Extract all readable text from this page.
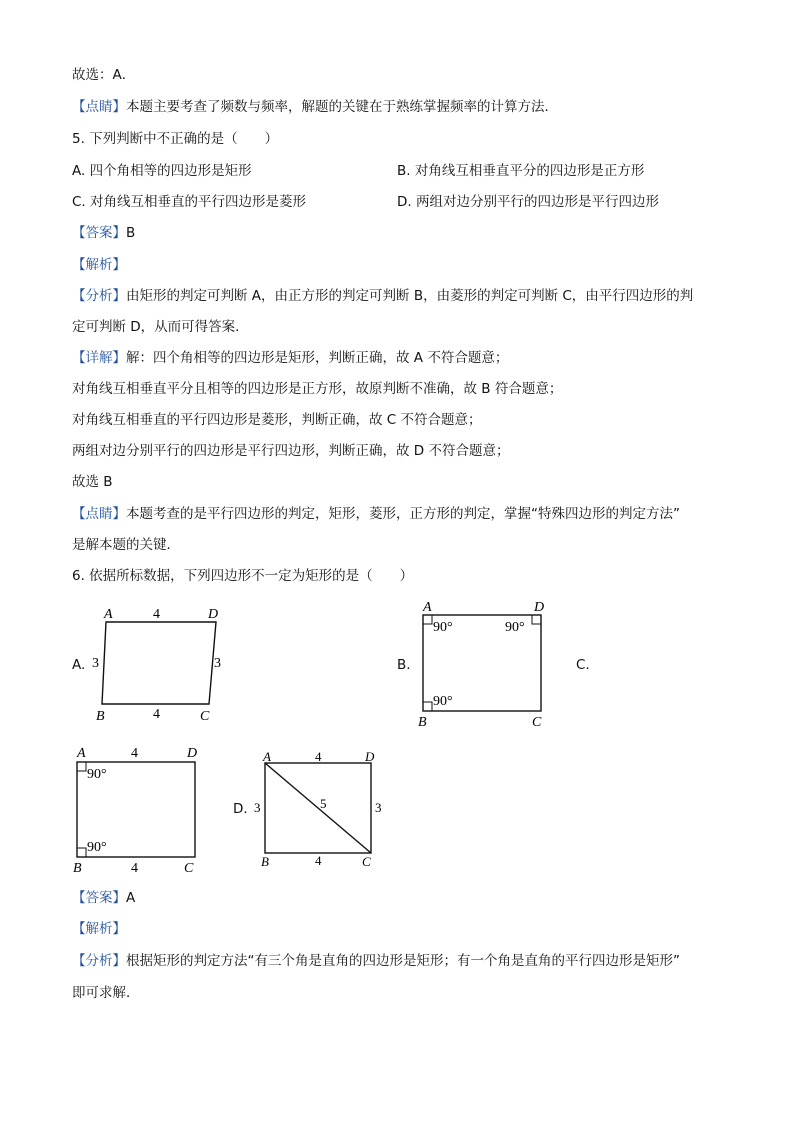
故选：A．
【点睛】本题主要考查了频数与频率，解题的关键在于熟练掌握频率的计算方法．
5. 下列判断中不正确的是（　　）
A. 四个角相等的四边形是矩形	B. 对角线互相垂直平分的四边形是正方形
C. 对角线互相垂直的平行四边形是菱形	D. 两组对边分别平行的四边形是平行四边形
【答案】B
【解析】
【分析】由矩形的判定可判断 A，由正方形的判定可判断 B，由菱形的判定可判断 C，由平行四边形的判
定可判断 D，从而可得答案．
【详解】解：四个角相等的四边形是矩形，判断正确，故 A 不符合题意；
对角线互相垂直平分且相等的四边形是正方形，故原判断不准确，故 B 符合题意；
对角线互相垂直的平行四边形是菱形，判断正确，故 C 不符合题意；
两组对边分别平行的四边形是平行四边形，判断正确，故 D 不符合题意；
故选 B
【点睛】本题考查的是平行四边形的判定，矩形，菱形，正方形的判定，掌握“特殊四边形的判定方法”
是解本题的关键．
6. 依据所标数据，下列四边形不一定为矩形的是（　　）
A.	B.	C.
D.
A	D
B	C
4
4
3	3
A	D
B	C
90°	90°
90°
A	D
B	C
4
4
90°
90°
A	D
B	C
4
4
3	3
5
【答案】A
【解析】
【分析】根据矩形的判定方法“有三个角是直角的四边形是矩形；有一个角是直角的平行四边形是矩形”
即可求解．
